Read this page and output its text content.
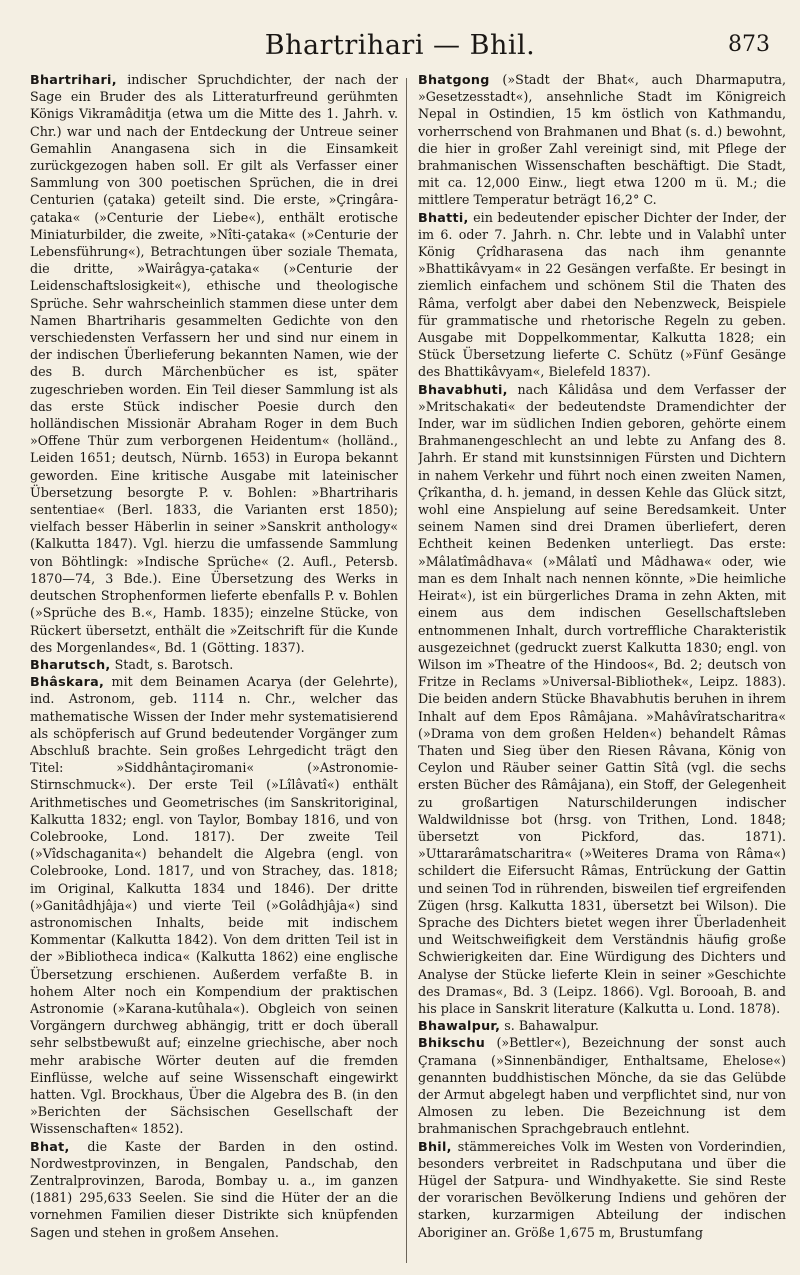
Bhartrihari — Bhil.	873

Bhartrihari, indischer Spruchdichter, der nach der Sage ein Bruder des als Litteraturfreund gerühmten Königs Vikramâditja (etwa um die Mitte des 1. Jahrh. v. Chr.) war und nach der Entdeckung der Untreue seiner Gemahlin Anangasena sich in die Einsamkeit zurückgezogen haben soll. Er gilt als Verfasser einer Sammlung von 300 poetischen Sprüchen, die in drei Centurien (çataka) geteilt sind. Die erste, »Çringâra-çataka« (»Centurie der Liebe«), enthält erotische Miniaturbilder, die zweite, »Nîti-çataka« (»Centurie der Lebensführung«), Betrachtungen über soziale Themata, die dritte, »Wairâgya-çataka« (»Centurie der Leidenschaftslosigkeit«), ethische und theologische Sprüche. Sehr wahrscheinlich stammen diese unter dem Namen Bhartriharis gesammelten Gedichte von den verschiedensten Verfassern her und sind nur einem in der indischen Überlieferung bekannten Namen, wie der des B. durch Märchenbücher es ist, später zugeschrieben worden. Ein Teil dieser Sammlung ist als das erste Stück indischer Poesie durch den holländischen Missionär Abraham Roger in dem Buch »Offene Thür zum verborgenen Heidentum« (holländ., Leiden 1651; deutsch, Nürnb. 1653) in Europa bekannt geworden. Eine kritische Ausgabe mit lateinischer Übersetzung besorgte P. v. Bohlen: »Bhartriharis sententiae« (Berl. 1833, die Varianten erst 1850); vielfach besser Häberlin in seiner »Sanskrit anthology« (Kalkutta 1847). Vgl. hierzu die umfassende Sammlung von Böhtlingk: »Indische Sprüche« (2. Aufl., Petersb. 1870—74, 3 Bde.). Eine Übersetzung des Werks in deutschen Strophenformen lieferte ebenfalls P. v. Bohlen (»Sprüche des B.«, Hamb. 1835); einzelne Stücke, von Rückert übersetzt, enthält die »Zeitschrift für die Kunde des Morgenlandes«, Bd. 1 (Götting. 1837).

Bharutsch, Stadt, s. Barotsch.

Bhâskara, mit dem Beinamen Acarya (der Gelehrte), ind. Astronom, geb. 1114 n. Chr., welcher das mathematische Wissen der Inder mehr systematisierend als schöpferisch auf Grund bedeutender Vorgänger zum Abschluß brachte. Sein großes Lehrgedicht trägt den Titel: »Siddhântaçiromani« (»Astronomie-Stirnschmuck«). Der erste Teil (»Lîlâvatî«) enthält Arithmetisches und Geometrisches (im Sanskritoriginal, Kalkutta 1832; engl. von Taylor, Bombay 1816, und von Colebrooke, Lond. 1817). Der zweite Teil (»Vîdschaganita«) behandelt die Algebra (engl. von Colebrooke, Lond. 1817, und von Strachey, das. 1818; im Original, Kalkutta 1834 und 1846). Der dritte (»Ganitâdhjâja«) und vierte Teil (»Golâdhjâja«) sind astronomischen Inhalts, beide mit indischem Kommentar (Kalkutta 1842). Von dem dritten Teil ist in der »Bibliotheca indica« (Kalkutta 1862) eine englische Übersetzung erschienen. Außerdem verfaßte B. in hohem Alter noch ein Kompendium der praktischen Astronomie (»Karana-kutûhala«). Obgleich von seinen Vorgängern durchweg abhängig, tritt er doch überall sehr selbstbewußt auf; einzelne griechische, aber noch mehr arabische Wörter deuten auf die fremden Einflüsse, welche auf seine Wissenschaft eingewirkt hatten. Vgl. Brockhaus, Über die Algebra des B. (in den »Berichten der Sächsischen Gesellschaft der Wissenschaften« 1852).

Bhat, die Kaste der Barden in den ostind. Nordwestprovinzen, in Bengalen, Pandschab, den Zentralprovinzen, Baroda, Bombay u. a., im ganzen (1881) 295,633 Seelen. Sie sind die Hüter der an die vornehmen Familien dieser Distrikte sich knüpfenden Sagen und stehen in großem Ansehen.

Bhatgong (»Stadt der Bhat«, auch Dharmaputra, »Gesetzesstadt«), ansehnliche Stadt im Königreich Nepal in Ostindien, 15 km östlich von Kathmandu, vorherrschend von Brahmanen und Bhat (s. d.) bewohnt, die hier in großer Zahl vereinigt sind, mit Pflege der brahmanischen Wissenschaften beschäftigt. Die Stadt, mit ca. 12,000 Einw., liegt etwa 1200 m ü. M.; die mittlere Temperatur beträgt 16,2° C.

Bhatti, ein bedeutender epischer Dichter der Inder, der im 6. oder 7. Jahrh. n. Chr. lebte und in Valabhî unter König Çrîdharasena das nach ihm genannte »Bhattikâvyam« in 22 Gesängen verfaßte. Er besingt in ziemlich einfachem und schönem Stil die Thaten des Râma, verfolgt aber dabei den Nebenzweck, Beispiele für grammatische und rhetorische Regeln zu geben. Ausgabe mit Doppelkommentar, Kalkutta 1828; ein Stück Übersetzung lieferte C. Schütz (»Fünf Gesänge des Bhattikâvyam«, Bielefeld 1837).

Bhavabhuti, nach Kâlidâsa und dem Verfasser der »Mritschakati« der bedeutendste Dramendichter der Inder, war im südlichen Indien geboren, gehörte einem Brahmanengeschlecht an und lebte zu Anfang des 8. Jahrh. Er stand mit kunstsinnigen Fürsten und Dichtern in nahem Verkehr und führt noch einen zweiten Namen, Çrîkantha, d. h. jemand, in dessen Kehle das Glück sitzt, wohl eine Anspielung auf seine Beredsamkeit. Unter seinem Namen sind drei Dramen überliefert, deren Echtheit keinen Bedenken unterliegt. Das erste: »Mâlatîmâdhava« (»Mâlatî und Mâdhawa« oder, wie man es dem Inhalt nach nennen könnte, »Die heimliche Heirat«), ist ein bürgerliches Drama in zehn Akten, mit einem aus dem indischen Gesellschaftsleben entnommenen Inhalt, durch vortreffliche Charakteristik ausgezeichnet (gedruckt zuerst Kalkutta 1830; engl. von Wilson im »Theatre of the Hindoos«, Bd. 2; deutsch von Fritze in Reclams »Universal-Bibliothek«, Leipz. 1883). Die beiden andern Stücke Bhavabhutis beruhen in ihrem Inhalt auf dem Epos Râmâjana. »Mahâvîratscharitra« (»Drama von dem großen Helden«) behandelt Râmas Thaten und Sieg über den Riesen Râvana, König von Ceylon und Räuber seiner Gattin Sîtâ (vgl. die sechs ersten Bücher des Râmâjana), ein Stoff, der Gelegenheit zu großartigen Naturschilderungen indischer Waldwildnisse bot (hrsg. von Trithen, Lond. 1848; übersetzt von Pickford, das. 1871). »Uttararâmatscharitra« (»Weiteres Drama von Râma«) schildert die Eifersucht Râmas, Entrückung der Gattin und seinen Tod in rührenden, bisweilen tief ergreifenden Zügen (hrsg. Kalkutta 1831, übersetzt bei Wilson). Die Sprache des Dichters bietet wegen ihrer Überladenheit und Weitschweifigkeit dem Verständnis häufig große Schwierigkeiten dar. Eine Würdigung des Dichters und Analyse der Stücke lieferte Klein in seiner »Geschichte des Dramas«, Bd. 3 (Leipz. 1866). Vgl. Borooah, B. and his place in Sanskrit literature (Kalkutta u. Lond. 1878).

Bhawalpur, s. Bahawalpur.

Bhikschu (»Bettler«), Bezeichnung der sonst auch Çramana (»Sinnenbändiger, Enthaltsame, Ehelose«) genannten buddhistischen Mönche, da sie das Gelübde der Armut abgelegt haben und verpflichtet sind, nur von Almosen zu leben. Die Bezeichnung ist dem brahmanischen Sprachgebrauch entlehnt.

Bhil, stämmereiches Volk im Westen von Vorderindien, besonders verbreitet in Radschputana und über die Hügel der Satpura- und Windhyakette. Sie sind Reste der vorarischen Bevölkerung Indiens und gehören der starken, kurzarmigen Abteilung der indischen Aboriginer an. Größe 1,675 m, Brustumfang
